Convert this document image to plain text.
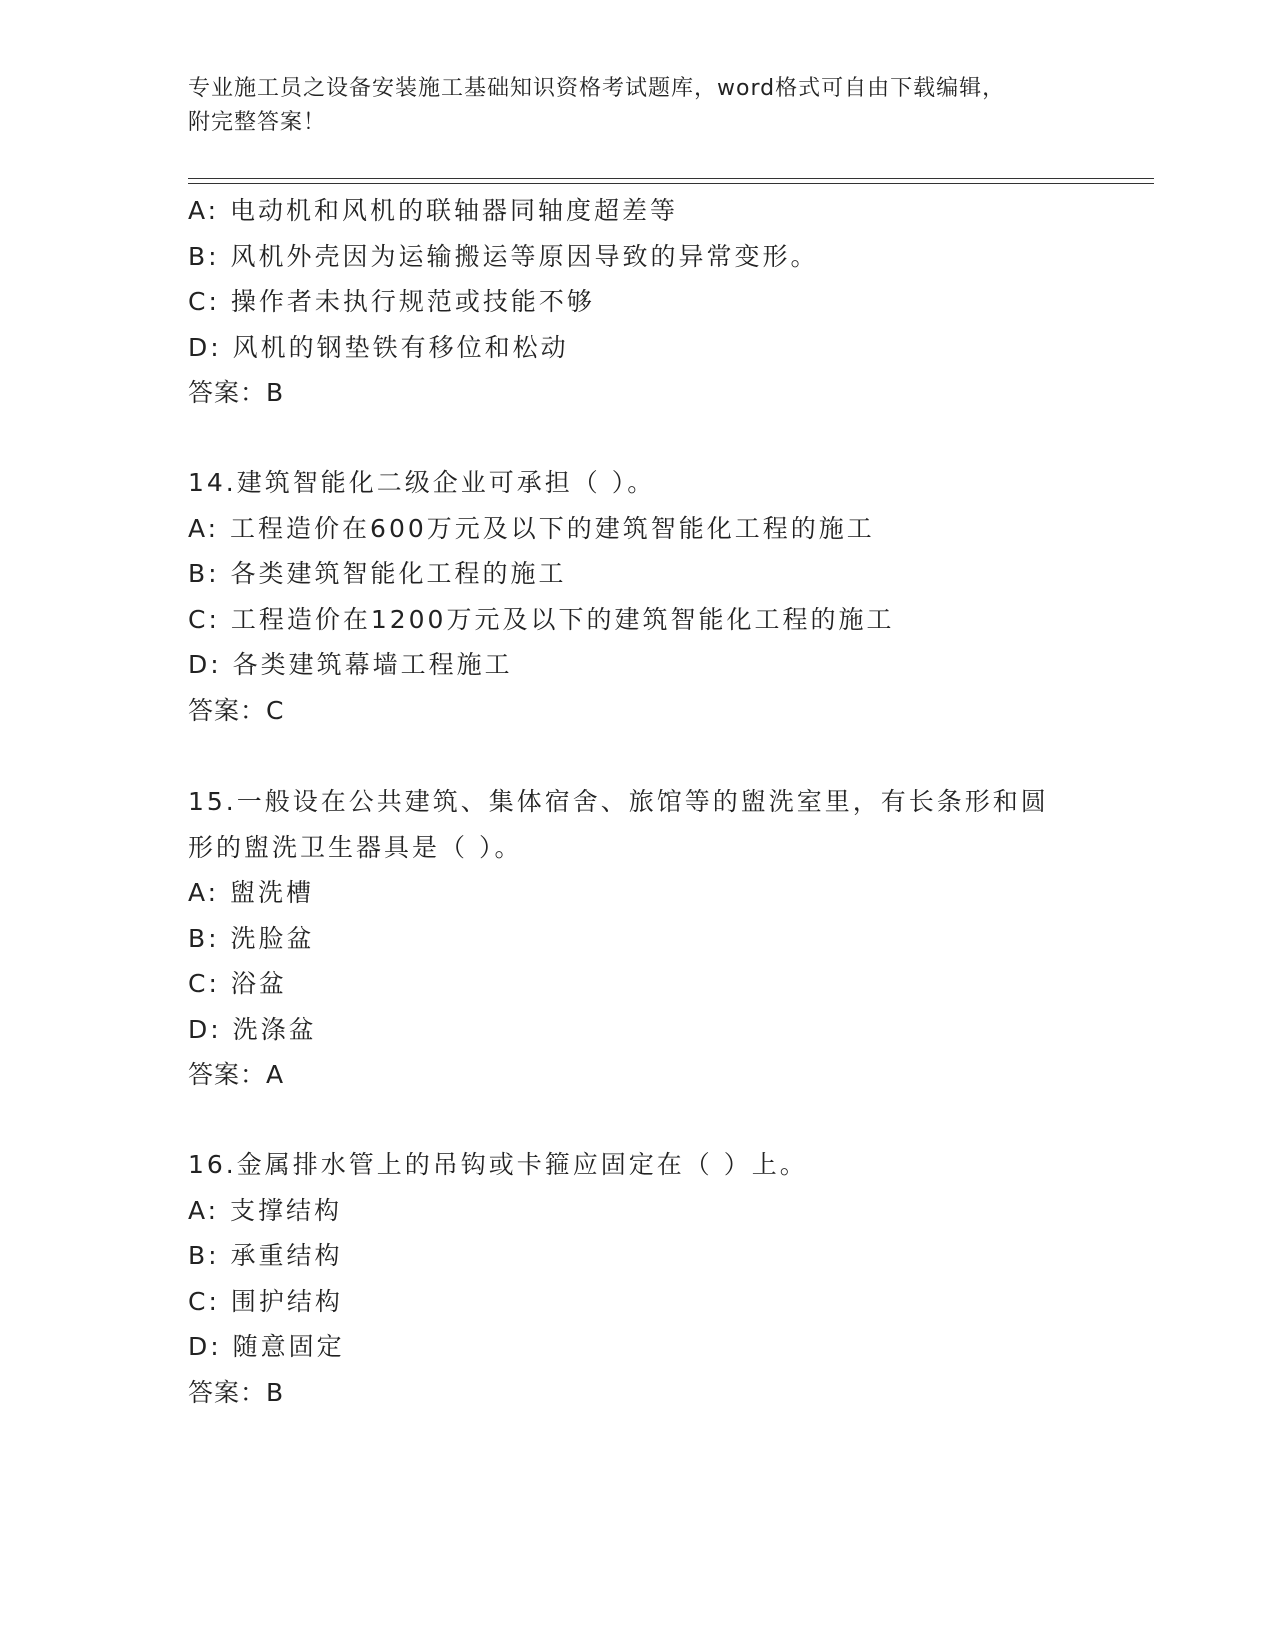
专业施工员之设备安装施工基础知识资格考试题库，word格式可自由下载编辑，
附完整答案！
A: 电动机和风机的联轴器同轴度超差等
B: 风机外壳因为运输搬运等原因导致的异常变形。
C: 操作者未执行规范或技能不够
D: 风机的钢垫铁有移位和松动
答案：B
14.建筑智能化二级企业可承担（ ）。
A: 工程造价在600万元及以下的建筑智能化工程的施工
B: 各类建筑智能化工程的施工
C: 工程造价在1200万元及以下的建筑智能化工程的施工
D: 各类建筑幕墙工程施工
答案：C
15.一般设在公共建筑、集体宿舍、旅馆等的盥洗室里，有长条形和圆
形的盥洗卫生器具是（ ）。
A: 盥洗槽
B: 洗脸盆
C: 浴盆
D: 洗涤盆
答案：A
16.金属排水管上的吊钩或卡箍应固定在（ ）上。
A: 支撑结构
B: 承重结构
C: 围护结构
D: 随意固定
答案：B
